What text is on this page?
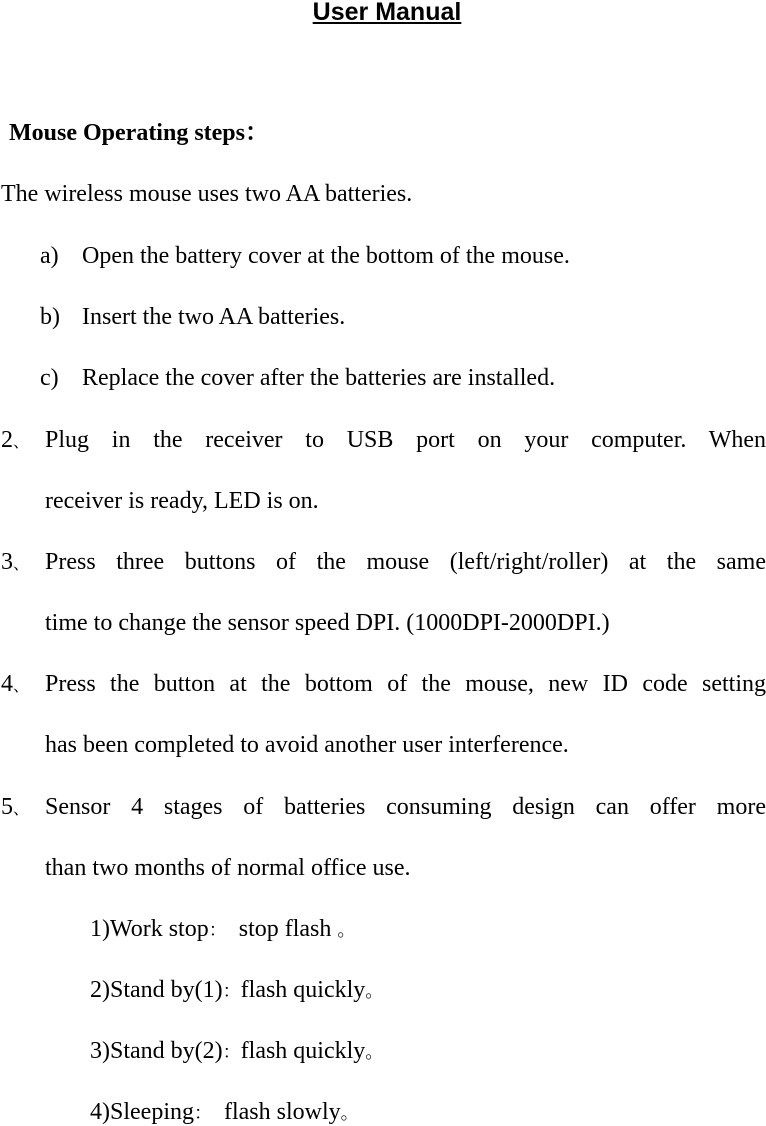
User Manual
Mouse Operating steps：
The wireless mouse uses two AA batteries.
a) Open the battery cover at the bottom of the mouse.
b) Insert the two AA batteries.
c) Replace the cover after the batteries are installed.
2、 Plug in the receiver to USB port on your computer. When
receiver is ready, LED is on.
3、 Press three buttons of the mouse (left/right/roller) at the same
time to change the sensor speed DPI. (1000DPI-2000DPI.)
4、 Press the button at the bottom of the mouse, new ID code setting
has been completed to avoid another user interference.
5、 Sensor 4 stages of batteries consuming design can offer more
than two months of normal office use.
1)Work stop： stop flash 。
2)Stand by(1)：flash quickly。
3)Stand by(2)：flash quickly。
4)Sleeping： flash slowly。
